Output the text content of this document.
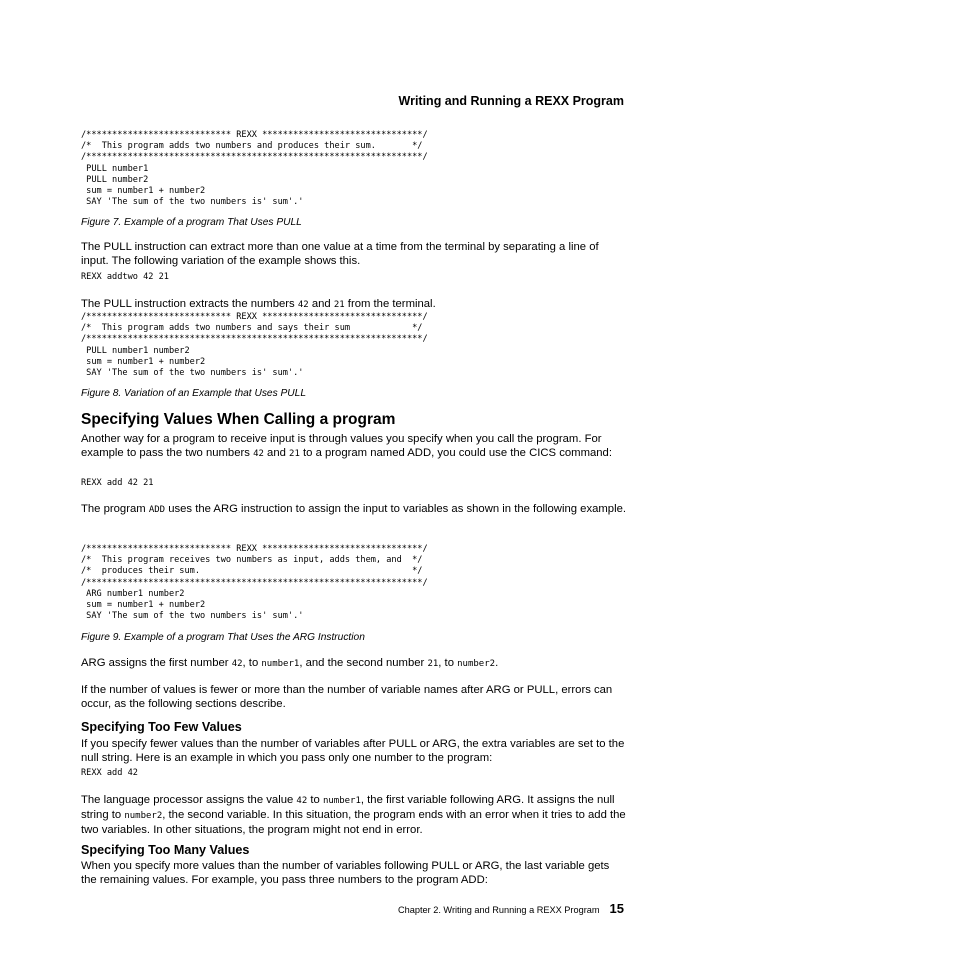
Writing and Running a REXX Program
/**************************** REXX *******************************/
/*  This program adds two numbers and produces their sum.       */
/*****************************************************************/
PULL number1
PULL number2
sum = number1 + number2
SAY 'The sum of the two numbers is' sum'.'
Figure 7. Example of a program That Uses PULL

The PULL instruction can extract more than one value at a time from the terminal by separating a line of input. The following variation of the example shows this.

REXX addtwo 42 21

The PULL instruction extracts the numbers 42 and 21 from the terminal.

/**************************** REXX *******************************/
/*  This program adds two numbers and says their sum            */
/*****************************************************************/
PULL number1 number2
sum = number1 + number2
SAY 'The sum of the two numbers is' sum'.'
Figure 8. Variation of an Example that Uses PULL
Specifying Values When Calling a program

Another way for a program to receive input is through values you specify when you call the program. For example to pass the two numbers 42 and 21 to a program named ADD, you could use the CICS command:

REXX add 42 21

The program ADD uses the ARG instruction to assign the input to variables as shown in the following example.

/**************************** REXX *******************************/
/*  This program receives two numbers as input, adds them, and  */
/*  produces their sum.                                         */
/*****************************************************************/
ARG number1 number2
sum = number1 + number2
SAY 'The sum of the two numbers is' sum'.'
Figure 9. Example of a program That Uses the ARG Instruction

ARG assigns the first number 42, to number1, and the second number 21, to number2.

If the number of values is fewer or more than the number of variable names after ARG or PULL, errors can occur, as the following sections describe.

Specifying Too Few Values

If you specify fewer values than the number of variables after PULL or ARG, the extra variables are set to the null string. Here is an example in which you pass only one number to the program:

REXX add 42

The language processor assigns the value 42 to number1, the first variable following ARG. It assigns the null string to number2, the second variable. In this situation, the program ends with an error when it tries to add the two variables. In other situations, the program might not end in error.

Specifying Too Many Values

When you specify more values than the number of variables following PULL or ARG, the last variable gets the remaining values. For example, you pass three numbers to the program ADD:

Chapter 2. Writing and Running a REXX Program 15
